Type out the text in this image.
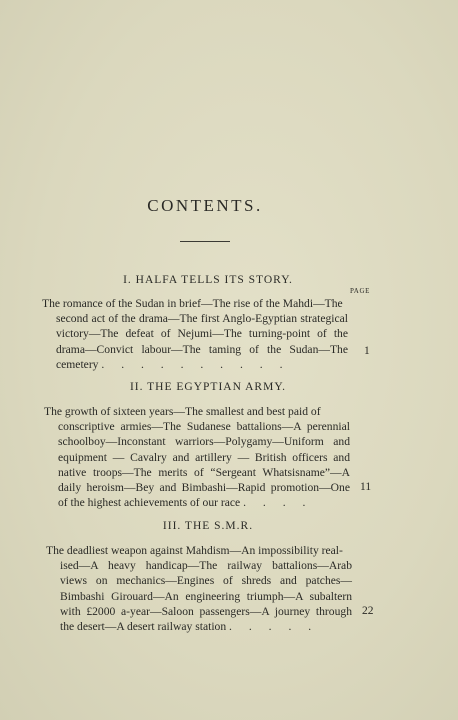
CONTENTS.
I. HALFA TELLS ITS STORY.
PAGE
The romance of the Sudan in brief—The rise of the Mahdi—The
second act of the drama—The first Anglo-Egyptian strategical victory—The defeat of Nejumi—The turning-point of the drama—Convict labour—The taming of the Sudan—The cemetery . . . . . . . . . .
1
II. THE EGYPTIAN ARMY.
The growth of sixteen years—The smallest and best paid of
conscriptive armies—The Sudanese battalions—A perennial schoolboy—Inconstant warriors—Polygamy—Uniform and equipment — Cavalry and artillery — British officers and native troops—The merits of “Sergeant Whatsisname”—A daily heroism—Bey and Bimbashi—Rapid promotion—One of the highest achievements of our race . . . .
11
III. THE S.M.R.
The deadliest weapon against Mahdism—An impossibility real-
ised—A heavy handicap—The railway battalions—Arab views on mechanics—Engines of shreds and patches—Bimbashi Girouard—An engineering triumph—A subaltern with £2000 a-year—Saloon passengers—A journey through the desert—A desert railway station . . . . .
22
